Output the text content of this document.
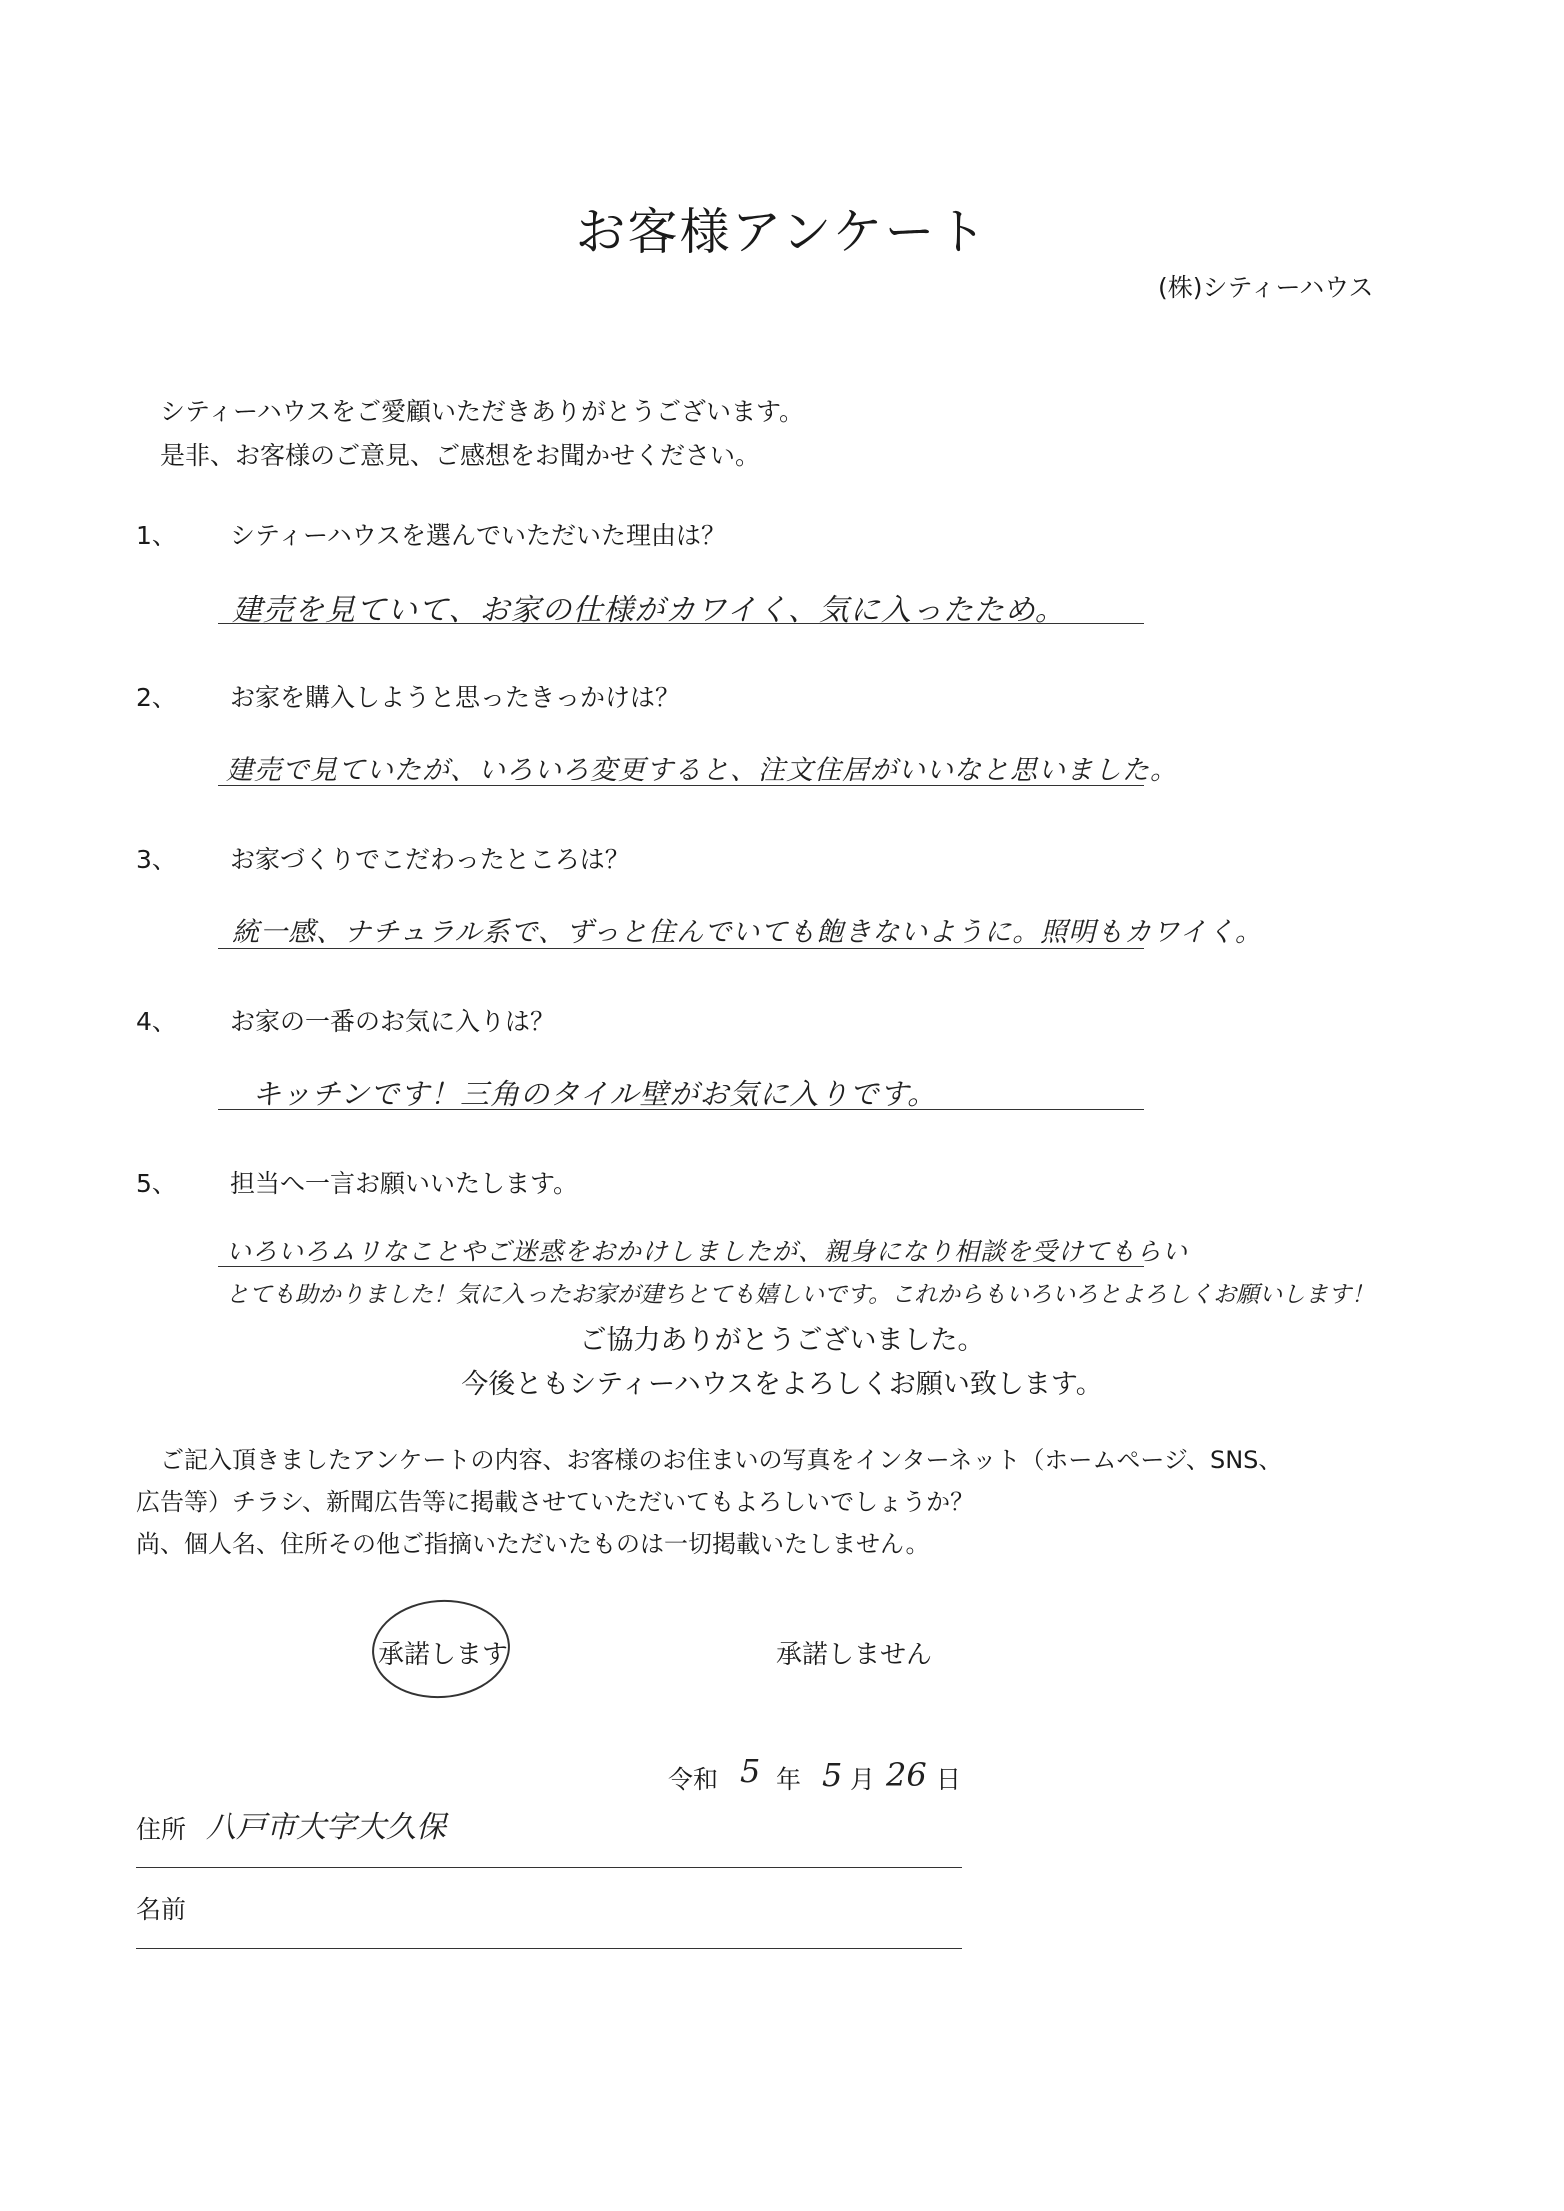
お客様アンケート
(株)シティーハウス
シティーハウスをご愛顧いただきありがとうございます。
是非、お客様のご意見、ご感想をお聞かせください。
1、 シティーハウスを選んでいただいた理由は？
建売を見ていて、お家の仕様がカワイく、気に入ったため。
2、 お家を購入しようと思ったきっかけは？
建売で見ていたが、いろいろ変更すると、注文住居がいいなと思いました。
3、 お家づくりでこだわったところは？
統一感、ナチュラル系で、ずっと住んでいても飽きないように。照明もカワイく。
4、 お家の一番のお気に入りは？
キッチンです！三角のタイル壁がお気に入りです。
5、 担当へ一言お願いいたします。
いろいろムリなことやご迷惑をおかけしましたが、親身になり相談を受けてもらい
とても助かりました！気に入ったお家が建ちとても嬉しいです。これからもいろいろとよろしくお願いします！
ご協力ありがとうございました。
今後ともシティーハウスをよろしくお願い致します。
ご記入頂きましたアンケートの内容、お客様のお住まいの写真をインターネット（ホームページ、SNS、
広告等）チラシ、新聞広告等に掲載させていただいてもよろしいでしょうか？
尚、個人名、住所その他ご指摘いただいたものは一切掲載いたしません。
承諾します	承諾しません
令和 5 年 5 月 26 日
住所 八戸市大字大久保
名前
